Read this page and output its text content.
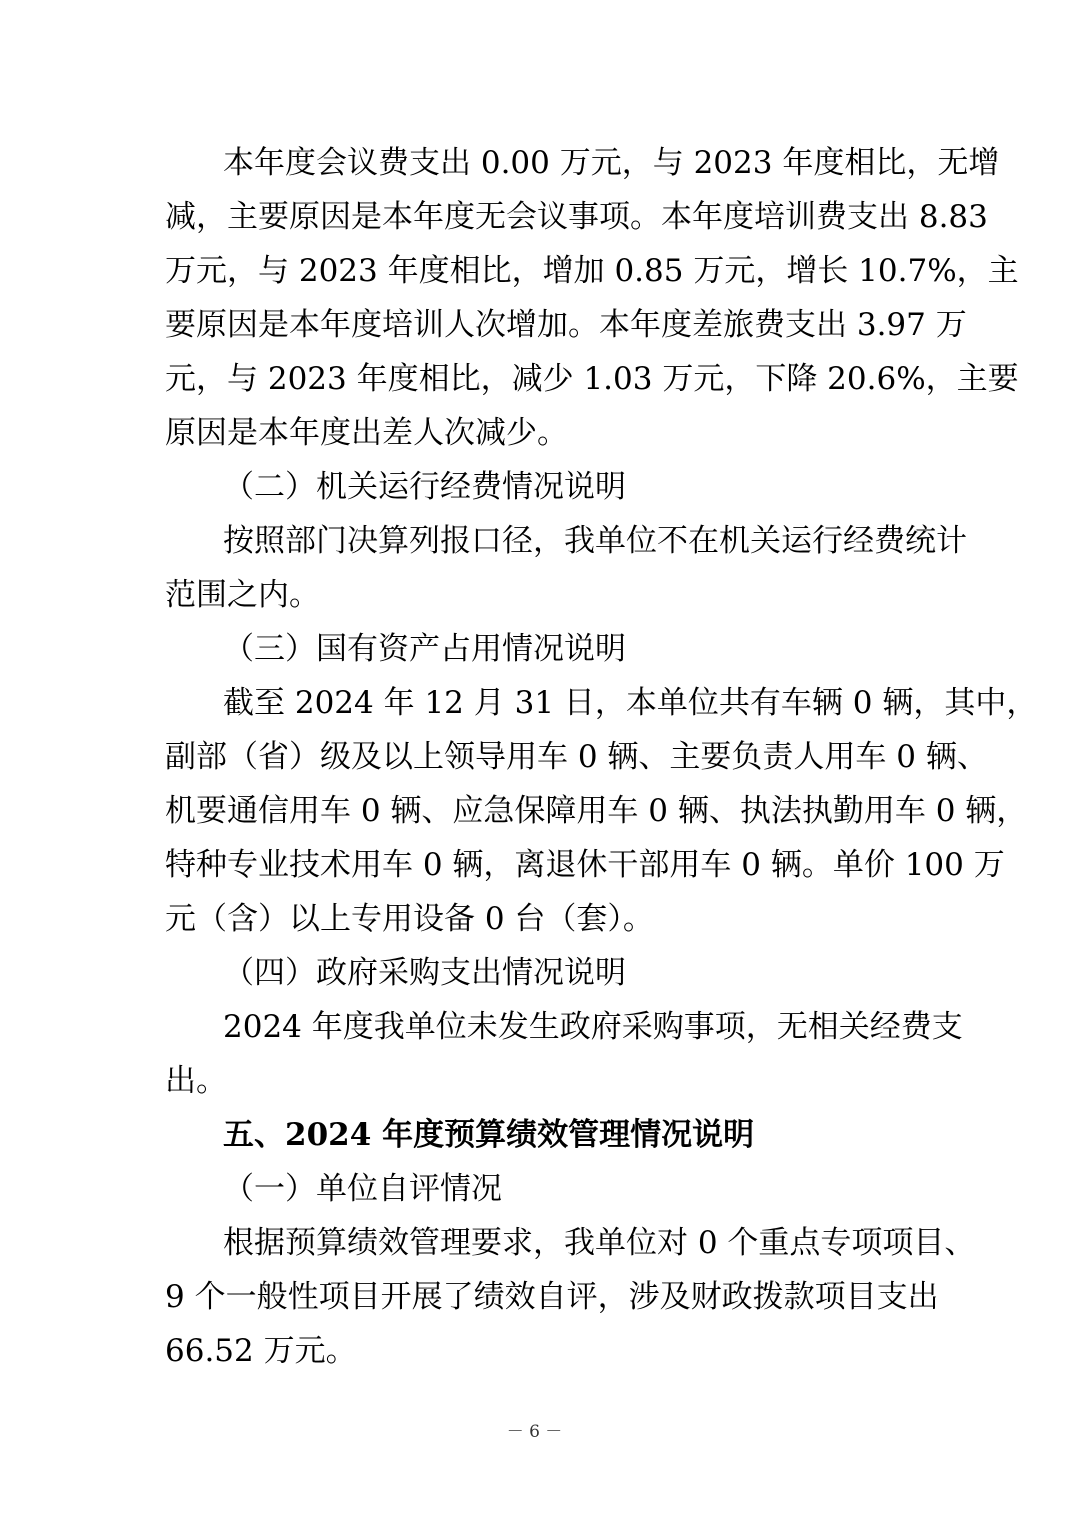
本年度会议费支出 0.00 万元，与 2023 年度相比，无增
减，主要原因是本年度无会议事项。本年度培训费支出 8.83
万元，与 2023 年度相比，增加 0.85 万元，增长 10.7%，主
要原因是本年度培训人次增加。本年度差旅费支出 3.97 万
元，与 2023 年度相比，减少 1.03 万元，下降 20.6%，主要
原因是本年度出差人次减少。
（二）机关运行经费情况说明
按照部门决算列报口径，我单位不在机关运行经费统计
范围之内。
（三）国有资产占用情况说明
截至 2024 年 12 月 31 日，本单位共有车辆 0 辆，其中，
副部（省）级及以上领导用车 0 辆、主要负责人用车 0 辆、
机要通信用车 0 辆、应急保障用车 0 辆、执法执勤用车 0 辆，
特种专业技术用车 0 辆，离退休干部用车 0 辆。单价 100 万
元（含）以上专用设备 0 台（套）。
（四）政府采购支出情况说明
2024 年度我单位未发生政府采购事项，无相关经费支
出。
五、2024 年度预算绩效管理情况说明
（一）单位自评情况
根据预算绩效管理要求，我单位对 0 个重点专项项目、
9 个一般性项目开展了绩效自评，涉及财政拨款项目支出
66.52 万元。
－ 6 －
